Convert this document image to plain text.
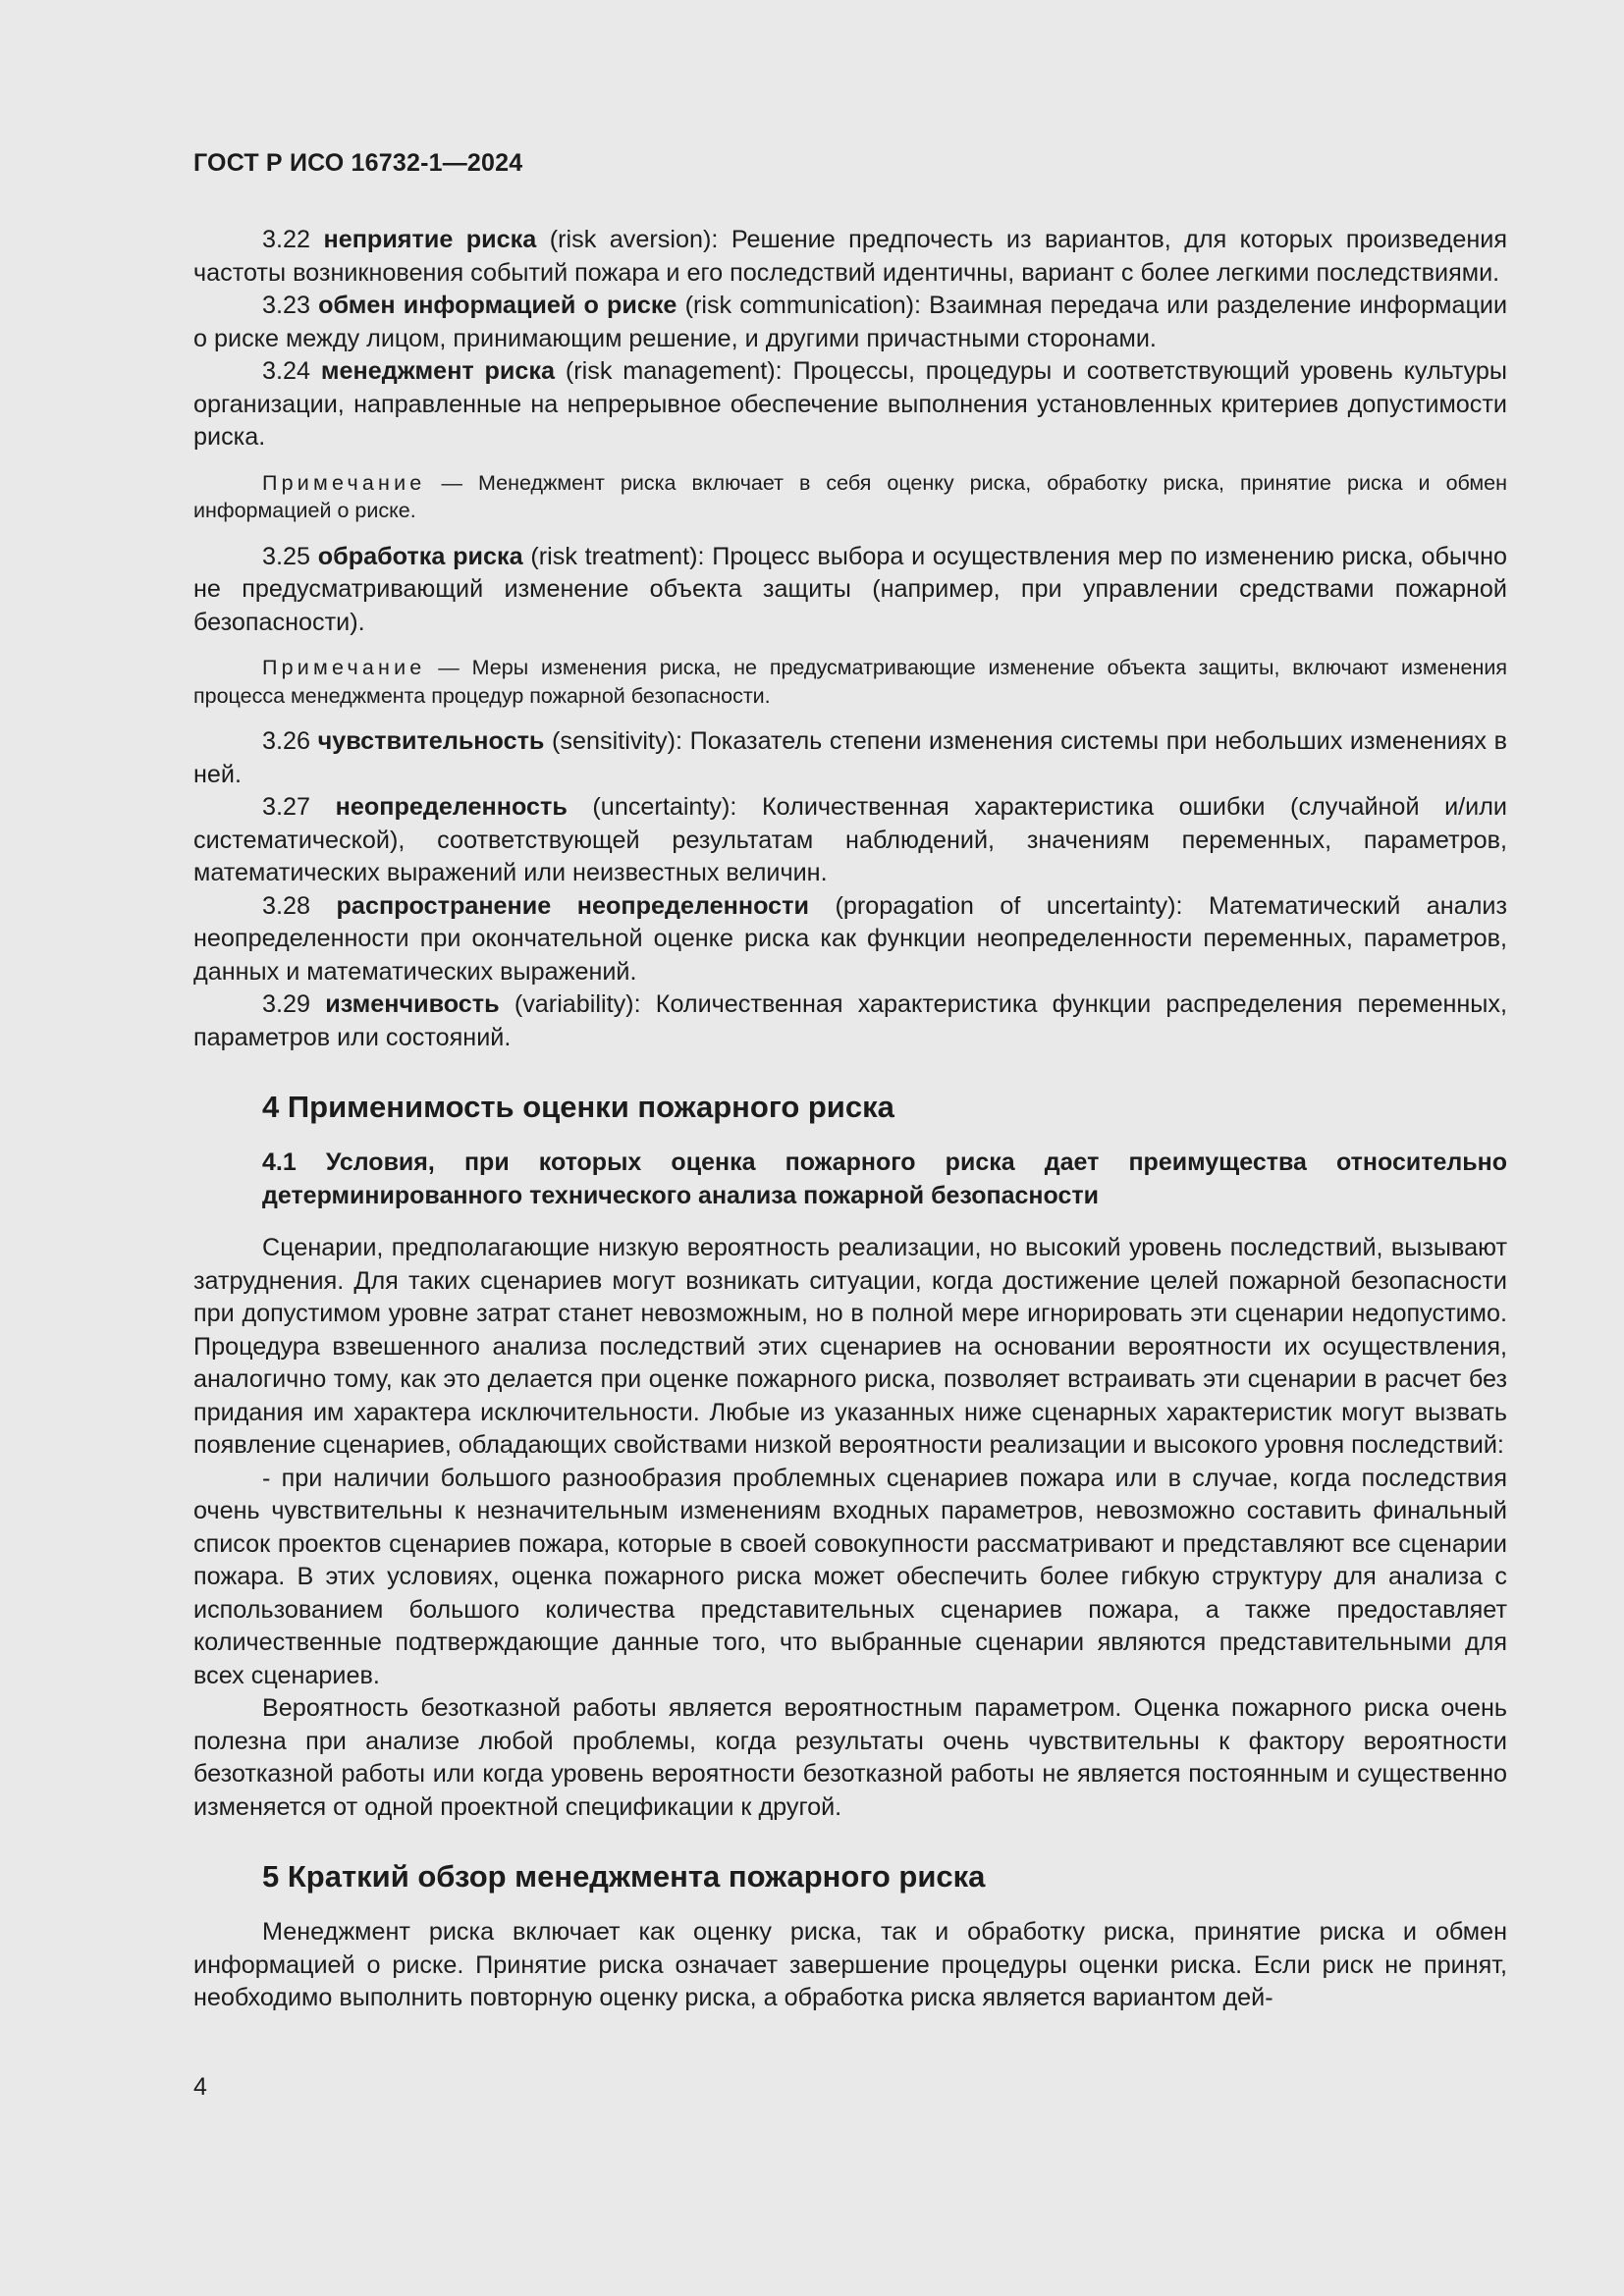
ГОСТ Р ИСО 16732-1—2024

3.22 неприятие риска (risk aversion): Решение предпочесть из вариантов, для которых произведения частоты возникновения событий пожара и его последствий идентичны, вариант с более легкими последствиями.

3.23 обмен информацией о риске (risk communication): Взаимная передача или разделение информации о риске между лицом, принимающим решение, и другими причастными сторонами.

3.24 менеджмент риска (risk management): Процессы, процедуры и соответствующий уровень культуры организации, направленные на непрерывное обеспечение выполнения установленных критериев допустимости риска.

Примечание — Менеджмент риска включает в себя оценку риска, обработку риска, принятие риска и обмен информацией о риске.

3.25 обработка риска (risk treatment): Процесс выбора и осуществления мер по изменению риска, обычно не предусматривающий изменение объекта защиты (например, при управлении средствами пожарной безопасности).

Примечание — Меры изменения риска, не предусматривающие изменение объекта защиты, включают изменения процесса менеджмента процедур пожарной безопасности.

3.26 чувствительность (sensitivity): Показатель степени изменения системы при небольших изменениях в ней.

3.27 неопределенность (uncertainty): Количественная характеристика ошибки (случайной и/или систематической), соответствующей результатам наблюдений, значениям переменных, параметров, математических выражений или неизвестных величин.

3.28 распространение неопределенности (propagation of uncertainty): Математический анализ неопределенности при окончательной оценке риска как функции неопределенности переменных, параметров, данных и математических выражений.

3.29 изменчивость (variability): Количественная характеристика функции распределения переменных, параметров или состояний.

4 Применимость оценки пожарного риска
4.1 Условия, при которых оценка пожарного риска дает преимущества относительно детерминированного технического анализа пожарной безопасности

Сценарии, предполагающие низкую вероятность реализации, но высокий уровень последствий, вызывают затруднения. Для таких сценариев могут возникать ситуации, когда достижение целей пожарной безопасности при допустимом уровне затрат станет невозможным, но в полной мере игнорировать эти сценарии недопустимо. Процедура взвешенного анализа последствий этих сценариев на основании вероятности их осуществления, аналогично тому, как это делается при оценке пожарного риска, позволяет встраивать эти сценарии в расчет без придания им характера исключительности. Любые из указанных ниже сценарных характеристик могут вызвать появление сценариев, обладающих свойствами низкой вероятности реализации и высокого уровня последствий:

- при наличии большого разнообразия проблемных сценариев пожара или в случае, когда последствия очень чувствительны к незначительным изменениям входных параметров, невозможно составить финальный список проектов сценариев пожара, которые в своей совокупности рассматривают и представляют все сценарии пожара. В этих условиях, оценка пожарного риска может обеспечить более гибкую структуру для анализа с использованием большого количества представительных сценариев пожара, а также предоставляет количественные подтверждающие данные того, что выбранные сценарии являются представительными для всех сценариев.

Вероятность безотказной работы является вероятностным параметром. Оценка пожарного риска очень полезна при анализе любой проблемы, когда результаты очень чувствительны к фактору вероятности безотказной работы или когда уровень вероятности безотказной работы не является постоянным и существенно изменяется от одной проектной спецификации к другой.

5 Краткий обзор менеджмента пожарного риска

Менеджмент риска включает как оценку риска, так и обработку риска, принятие риска и обмен информацией о риске. Принятие риска означает завершение процедуры оценки риска. Если риск не принят, необходимо выполнить повторную оценку риска, а обработка риска является вариантом дей-

4
